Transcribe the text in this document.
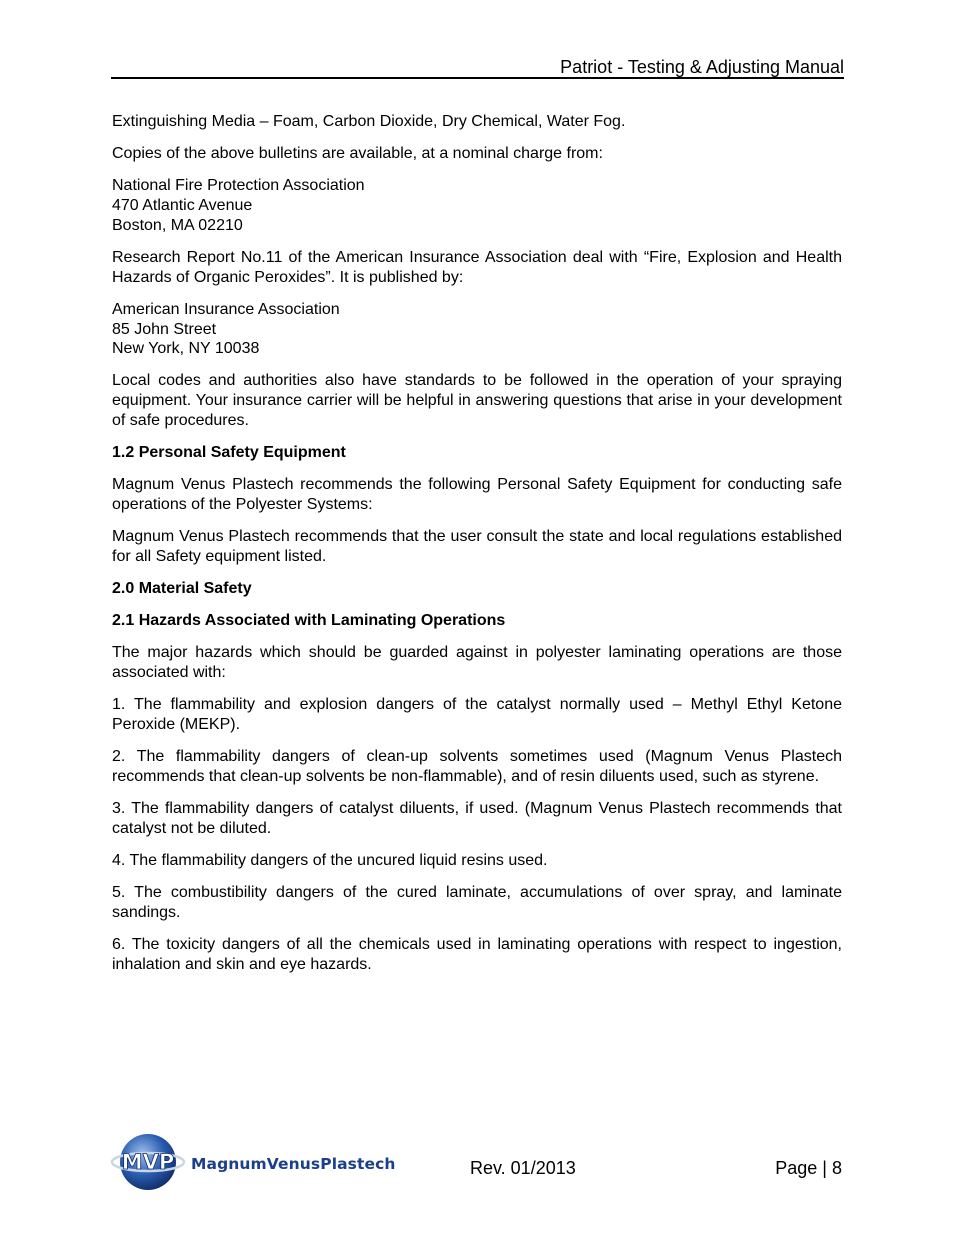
Patriot - Testing & Adjusting Manual

Extinguishing Media – Foam, Carbon Dioxide, Dry Chemical, Water Fog.

Copies of the above bulletins are available, at a nominal charge from:

National Fire Protection Association
470 Atlantic Avenue
Boston, MA 02210

Research Report No.11 of the American Insurance Association deal with “Fire, Explosion and Health Hazards of Organic Peroxides”. It is published by:

American Insurance Association
85 John Street
New York, NY 10038

Local codes and authorities also have standards to be followed in the operation of your spraying equipment. Your insurance carrier will be helpful in answering questions that arise in your development of safe procedures.

1.2 Personal Safety Equipment

Magnum Venus Plastech recommends the following Personal Safety Equipment for conducting safe operations of the Polyester Systems:

Magnum Venus Plastech recommends that the user consult the state and local regulations established for all Safety equipment listed.

2.0 Material Safety

2.1 Hazards Associated with Laminating Operations

The major hazards which should be guarded against in polyester laminating operations are those associated with:

1. The flammability and explosion dangers of the catalyst normally used – Methyl Ethyl Ketone Peroxide (MEKP).

2. The flammability dangers of clean-up solvents sometimes used (Magnum Venus Plastech recommends that clean-up solvents be non-flammable), and of resin diluents used, such as styrene.

3. The flammability dangers of catalyst diluents, if used. (Magnum Venus Plastech recommends that catalyst not be diluted.

4. The flammability dangers of the uncured liquid resins used.

5. The combustibility dangers of the cured laminate, accumulations of over spray, and laminate sandings.

6. The toxicity dangers of all the chemicals used in laminating operations with respect to ingestion, inhalation and skin and eye hazards.

MVP MagnumVenusPlastech	Rev. 01/2013	Page | 8
